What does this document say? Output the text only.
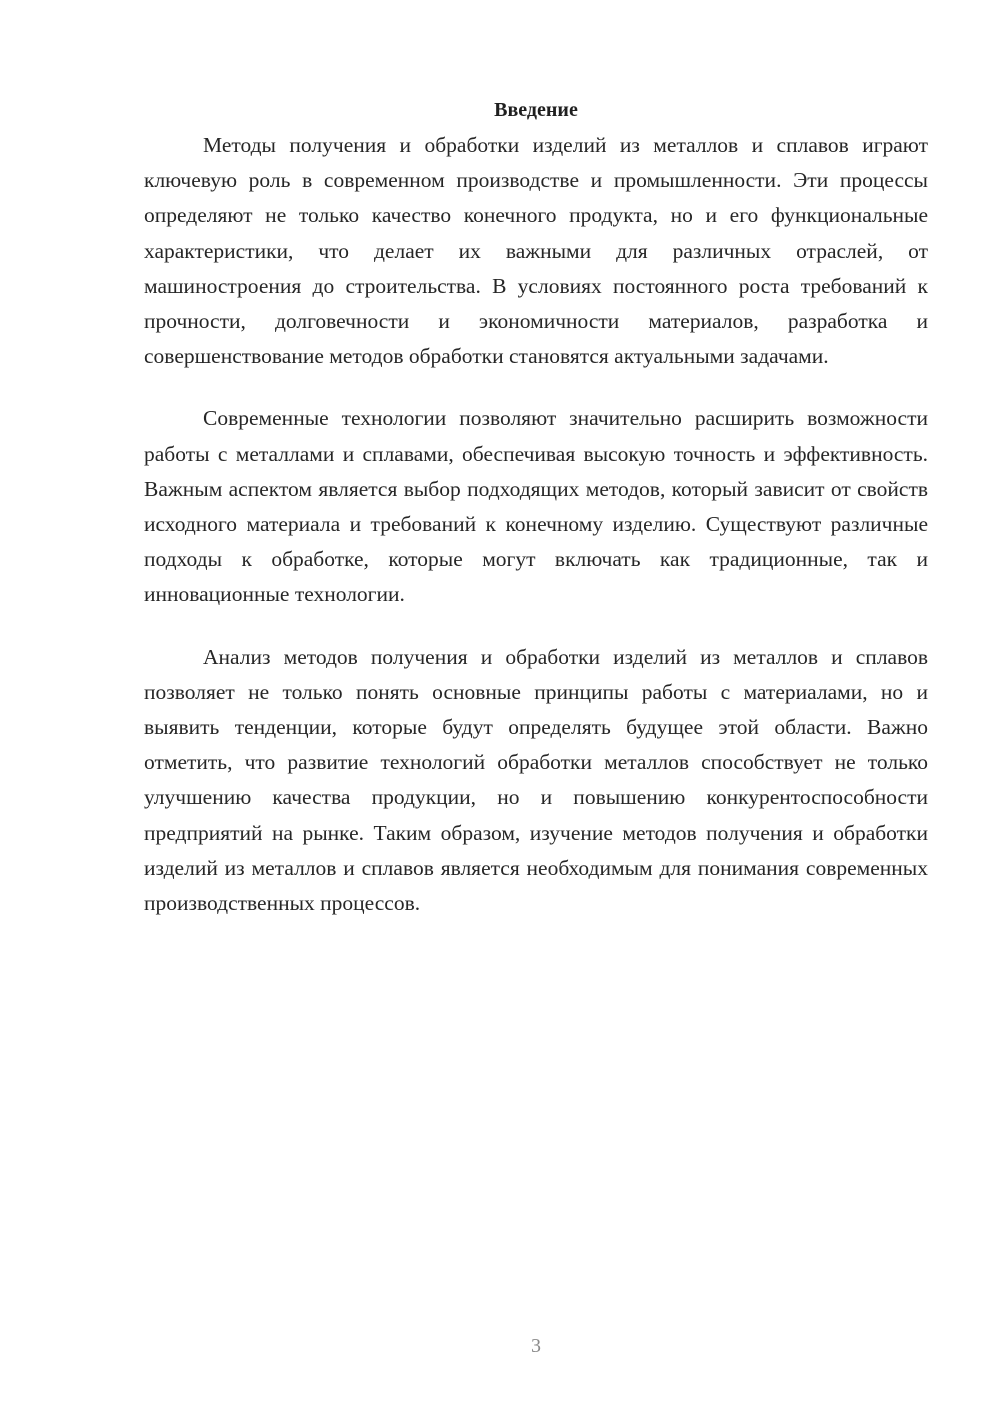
Введение

Методы получения и обработки изделий из металлов и сплавов играют ключевую роль в современном производстве и промышленности. Эти процессы определяют не только качество конечного продукта, но и его функциональные характеристики, что делает их важными для различных отраслей, от машиностроения до строительства. В условиях постоянного роста требований к прочности, долговечности и экономичности материалов, разработка и совершенствование методов обработки становятся актуальными задачами.

Современные технологии позволяют значительно расширить возможности работы с металлами и сплавами, обеспечивая высокую точность и эффективность. Важным аспектом является выбор подходящих методов, который зависит от свойств исходного материала и требований к конечному изделию. Существуют различные подходы к обработке, которые могут включать как традиционные, так и инновационные технологии.

Анализ методов получения и обработки изделий из металлов и сплавов позволяет не только понять основные принципы работы с материалами, но и выявить тенденции, которые будут определять будущее этой области. Важно отметить, что развитие технологий обработки металлов способствует не только улучшению качества продукции, но и повышению конкурентоспособности предприятий на рынке. Таким образом, изучение методов получения и обработки изделий из металлов и сплавов является необходимым для понимания современных производственных процессов.

3
